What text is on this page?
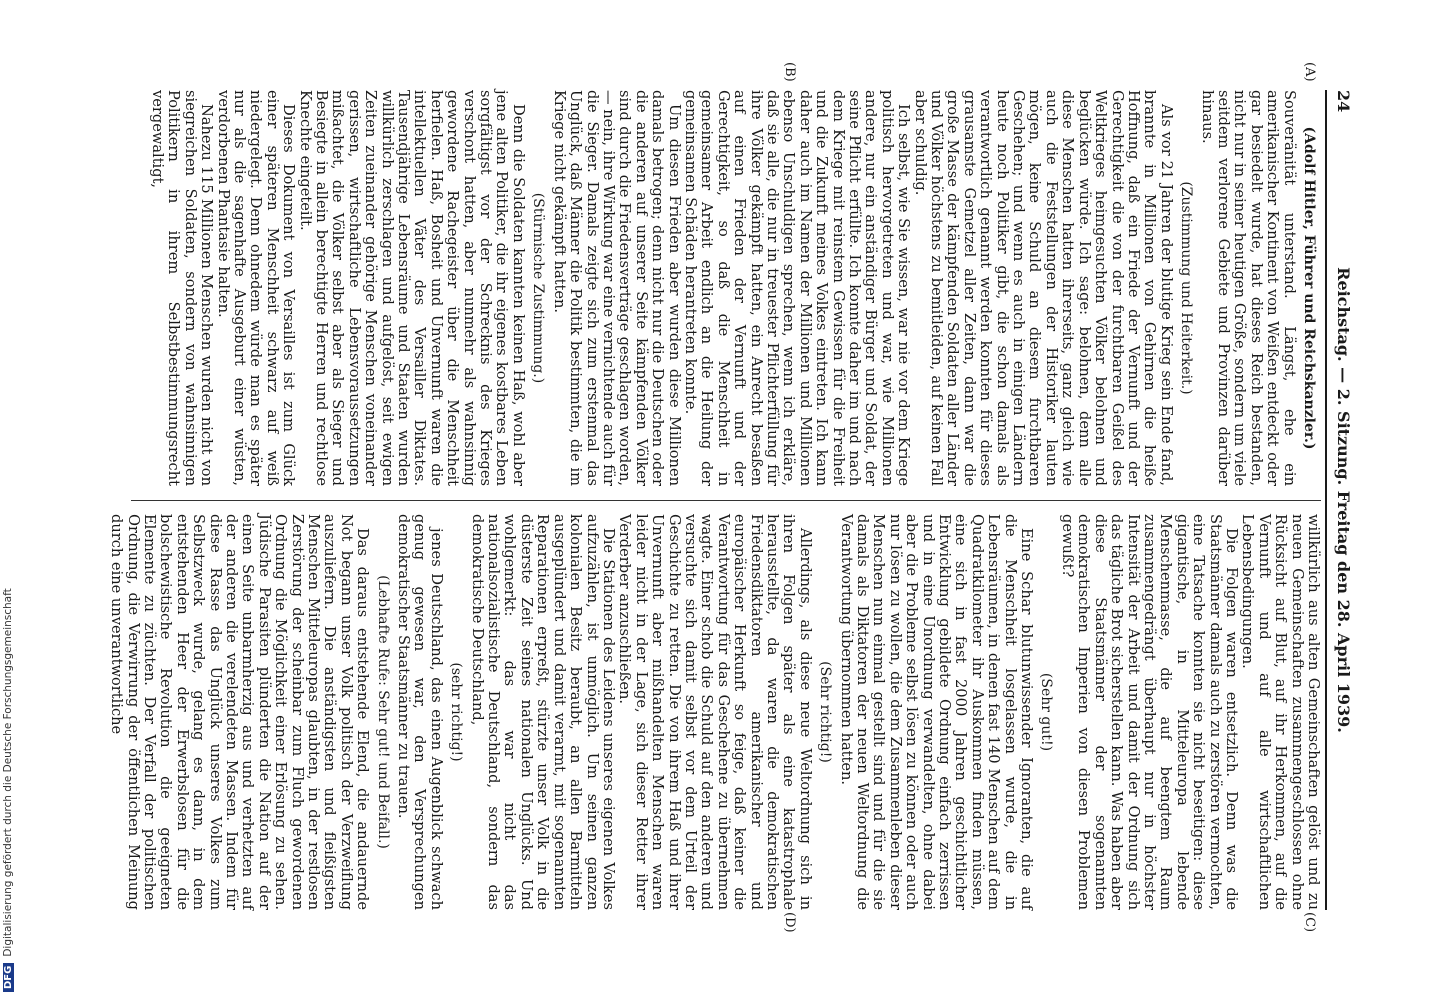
24
Reichstag. — 2. Sitzung. Freitag den 28. April 1939.
(A)
(B)
(C)
(D)

(Adolf Hitler, Führer und Reichskanzler.)

Souveränität unterstand. Längst, ehe ein amerikanischer Kontinent von Weißen entdeckt oder gar besiedelt wurde, hat dieses Reich bestanden, nicht nur in seiner heutigen Größe, sondern um viele seitdem verlorene Gebiete und Provinzen darüber hinaus.

(Zustimmung und Heiterkeit.)

Als vor 21 Jahren der blutige Krieg sein Ende fand, brannte in Millionen von Gehirnen die heiße Hoffnung, daß ein Friede der Vernunft und der Gerechtigkeit die von der furchtbaren Geißel des Weltkrieges heimgesuchten Völker belohnen und beglücken würde. Ich sage: belohnen, denn alle diese Menschen hatten ihrerseits, ganz gleich wie auch die Feststellungen der Historiker lauten mögen, keine Schuld an diesem furchtbaren Geschehen; und wenn es auch in einigen Ländern heute noch Politiker gibt, die schon damals als verantwortlich genannt werden konnten für dieses grausamste Gemetzel aller Zeiten, dann war die große Masse der kämpfenden Soldaten aller Länder und Völker höchstens zu bemitleiden, auf keinen Fall aber schuldig.

Ich selbst, wie Sie wissen, war nie vor dem Kriege politisch hervorgetreten und war, wie Millionen andere, nur ein anständiger Bürger und Soldat, der seine Pflicht erfüllte. Ich konnte daher im und nach dem Kriege mit reinstem Gewissen für die Freiheit und die Zukunft meines Volkes eintreten. Ich kann daher auch im Namen der Millionen und Millionen ebenso Unschuldigen sprechen, wenn ich erkläre, daß sie alle, die nur in treuester Pflichterfüllung für ihre Völker gekämpft hatten, ein Anrecht besaßen auf einen Frieden der Vernunft und der Gerechtigkeit, so daß die Menschheit in gemeinsamer Arbeit endlich an die Heilung der gemeinsamen Schäden herantreten konnte.

Um diesen Frieden aber wurden diese Millionen damals betrogen; denn nicht nur die Deutschen oder die anderen auf unserer Seite kämpfenden Völker sind durch die Friedensverträge geschlagen worden, — nein, ihre Wirkung war eine vernichtende auch für die Sieger. Damals zeigte sich zum erstenmal das Unglück, daß Männer die Politik bestimmten, die im Kriege nicht gekämpft hatten.

(Stürmische Zustimmung.)

Denn die Soldaten kannten keinen Haß, wohl aber jene alten Politiker, die ihr eigenes kostbares Leben sorgfältigst vor der Schrecknis des Krieges verschont hatten, aber nunmehr als wahnsinnig gewordene Rachegeister über die Menschheit herfielen. Haß, Bosheit und Unvernunft waren die intellektuellen Väter des Versailler Diktates. Tausendjährige Lebensräume und Staaten wurden willkürlich zerschlagen und aufgelöst, seit ewigen Zeiten zueinander gehörige Menschen voneinander gerissen, wirtschaftliche Lebensvoraussetzungen mißachtet, die Völker selbst aber als Sieger und Besiegte in allein berechtigte Herren und rechtlose Knechte eingeteilt.

Dieses Dokument von Versailles ist zum Glück einer späteren Menschheit schwarz auf weiß niedergelegt. Denn ohnedem würde man es später nur als die sagenhafte Ausgeburt einer wüsten, verdorbenen Phantasie halten.

Nahezu 115 Millionen Menschen wurden nicht von siegreichen Soldaten, sondern von wahnsinnigen Politikern in ihrem Selbstbestimmungsrecht vergewaltigt,

willkürlich aus alten Gemeinschaften gelöst und zu neuen Gemeinschaften zusammengeschlossen ohne Rücksicht auf Blut, auf ihr Herkommen, auf die Vernunft und auf alle wirtschaftlichen Lebensbedingungen.

Die Folgen waren entsetzlich. Denn was die Staatsmänner damals auch zu zerstören vermochten, eine Tatsache konnten sie nicht beseitigen: diese gigantische, in Mitteleuropa lebende Menschenmasse, die auf beengtem Raum zusammengedrängt überhaupt nur in höchster Intensität der Arbeit und damit der Ordnung sich das tägliche Brot sicherstellen kann. Was haben aber diese Staatsmänner der sogenannten demokratischen Imperien von diesen Problemen gewußt?

(Sehr gut!)

Eine Schar blutunwissender Ignoranten, die auf die Menschheit losgelassen wurde, die in Lebensräumen, in denen fast 140 Menschen auf dem Quadratkilometer ihr Auskommen finden müssen, eine sich in fast 2000 Jahren geschichtlicher Entwicklung gebildete Ordnung einfach zerrissen und in eine Unordnung verwandelten, ohne dabei aber die Probleme selbst lösen zu können oder auch nur lösen zu wollen, die dem Zusammenleben dieser Menschen nun einmal gestellt sind und für die sie damals als Diktatoren der neuen Weltordnung die Verantwortung übernommen hatten.

(Sehr richtig!)

Allerdings, als diese neue Weltordnung sich in ihren Folgen später als eine katastrophale herausstellte, da waren die demokratischen Friedensdiktatoren amerikanischer und europäischer Herkunft so feige, daß keiner die Verantwortung für das Geschehene zu übernehmen wagte. Einer schob die Schuld auf den anderen und versuchte sich damit selbst vor dem Urteil der Geschichte zu retten. Die von ihrem Haß und ihrer Unvernunft aber mißhandelten Menschen waren leider nicht in der Lage, sich dieser Retter ihrer Verderber anzuschließen.

Die Stationen des Leidens unseres eigenen Volkes aufzuzählen, ist unmöglich. Um seinen ganzen kolonialen Besitz beraubt, an allen Barmitteln ausgeplündert und damit verarmt, mit sogenannten Reparationen erpreßt, stürzte unser Volk in die düsterste Zeit seines nationalen Unglücks. Und wohlgemerkt: das war nicht das nationalsozialistische Deutschland, sondern das demokratische Deutschland,

(sehr richtig!)

jenes Deutschland, das einen Augenblick schwach genug gewesen war, den Versprechungen demokratischer Staatsmänner zu trauen.

(Lebhafte Rufe: Sehr gut! und Beifall.)

Das daraus entstehende Elend, die andauernde Not begann unser Volk politisch der Verzweiflung auszuliefern. Die anständigsten und fleißigsten Menschen Mitteleuropas glaubten, in der restlosen Zerstörung der scheinbar zum Fluch gewordenen Ordnung die Möglichkeit einer Erlösung zu sehen. Jüdische Parasiten plünderten die Nation auf der einen Seite unbarmherzig aus und verhetzten auf der anderen die verelendeten Massen. Indem für diese Rasse das Unglück unseres Volkes zum Selbstzweck wurde, gelang es dann, in dem entstehenden Heer der Erwerbslosen für die bolschewistische Revolution die geeigneten Elemente zu züchten. Der Verfall der politischen Ordnung, die Verwirrung der öffentlichen Meinung durch eine unverantwortliche

DFGDigitalisierung gefördert durch die Deutsche Forschungsgemeinschaft
